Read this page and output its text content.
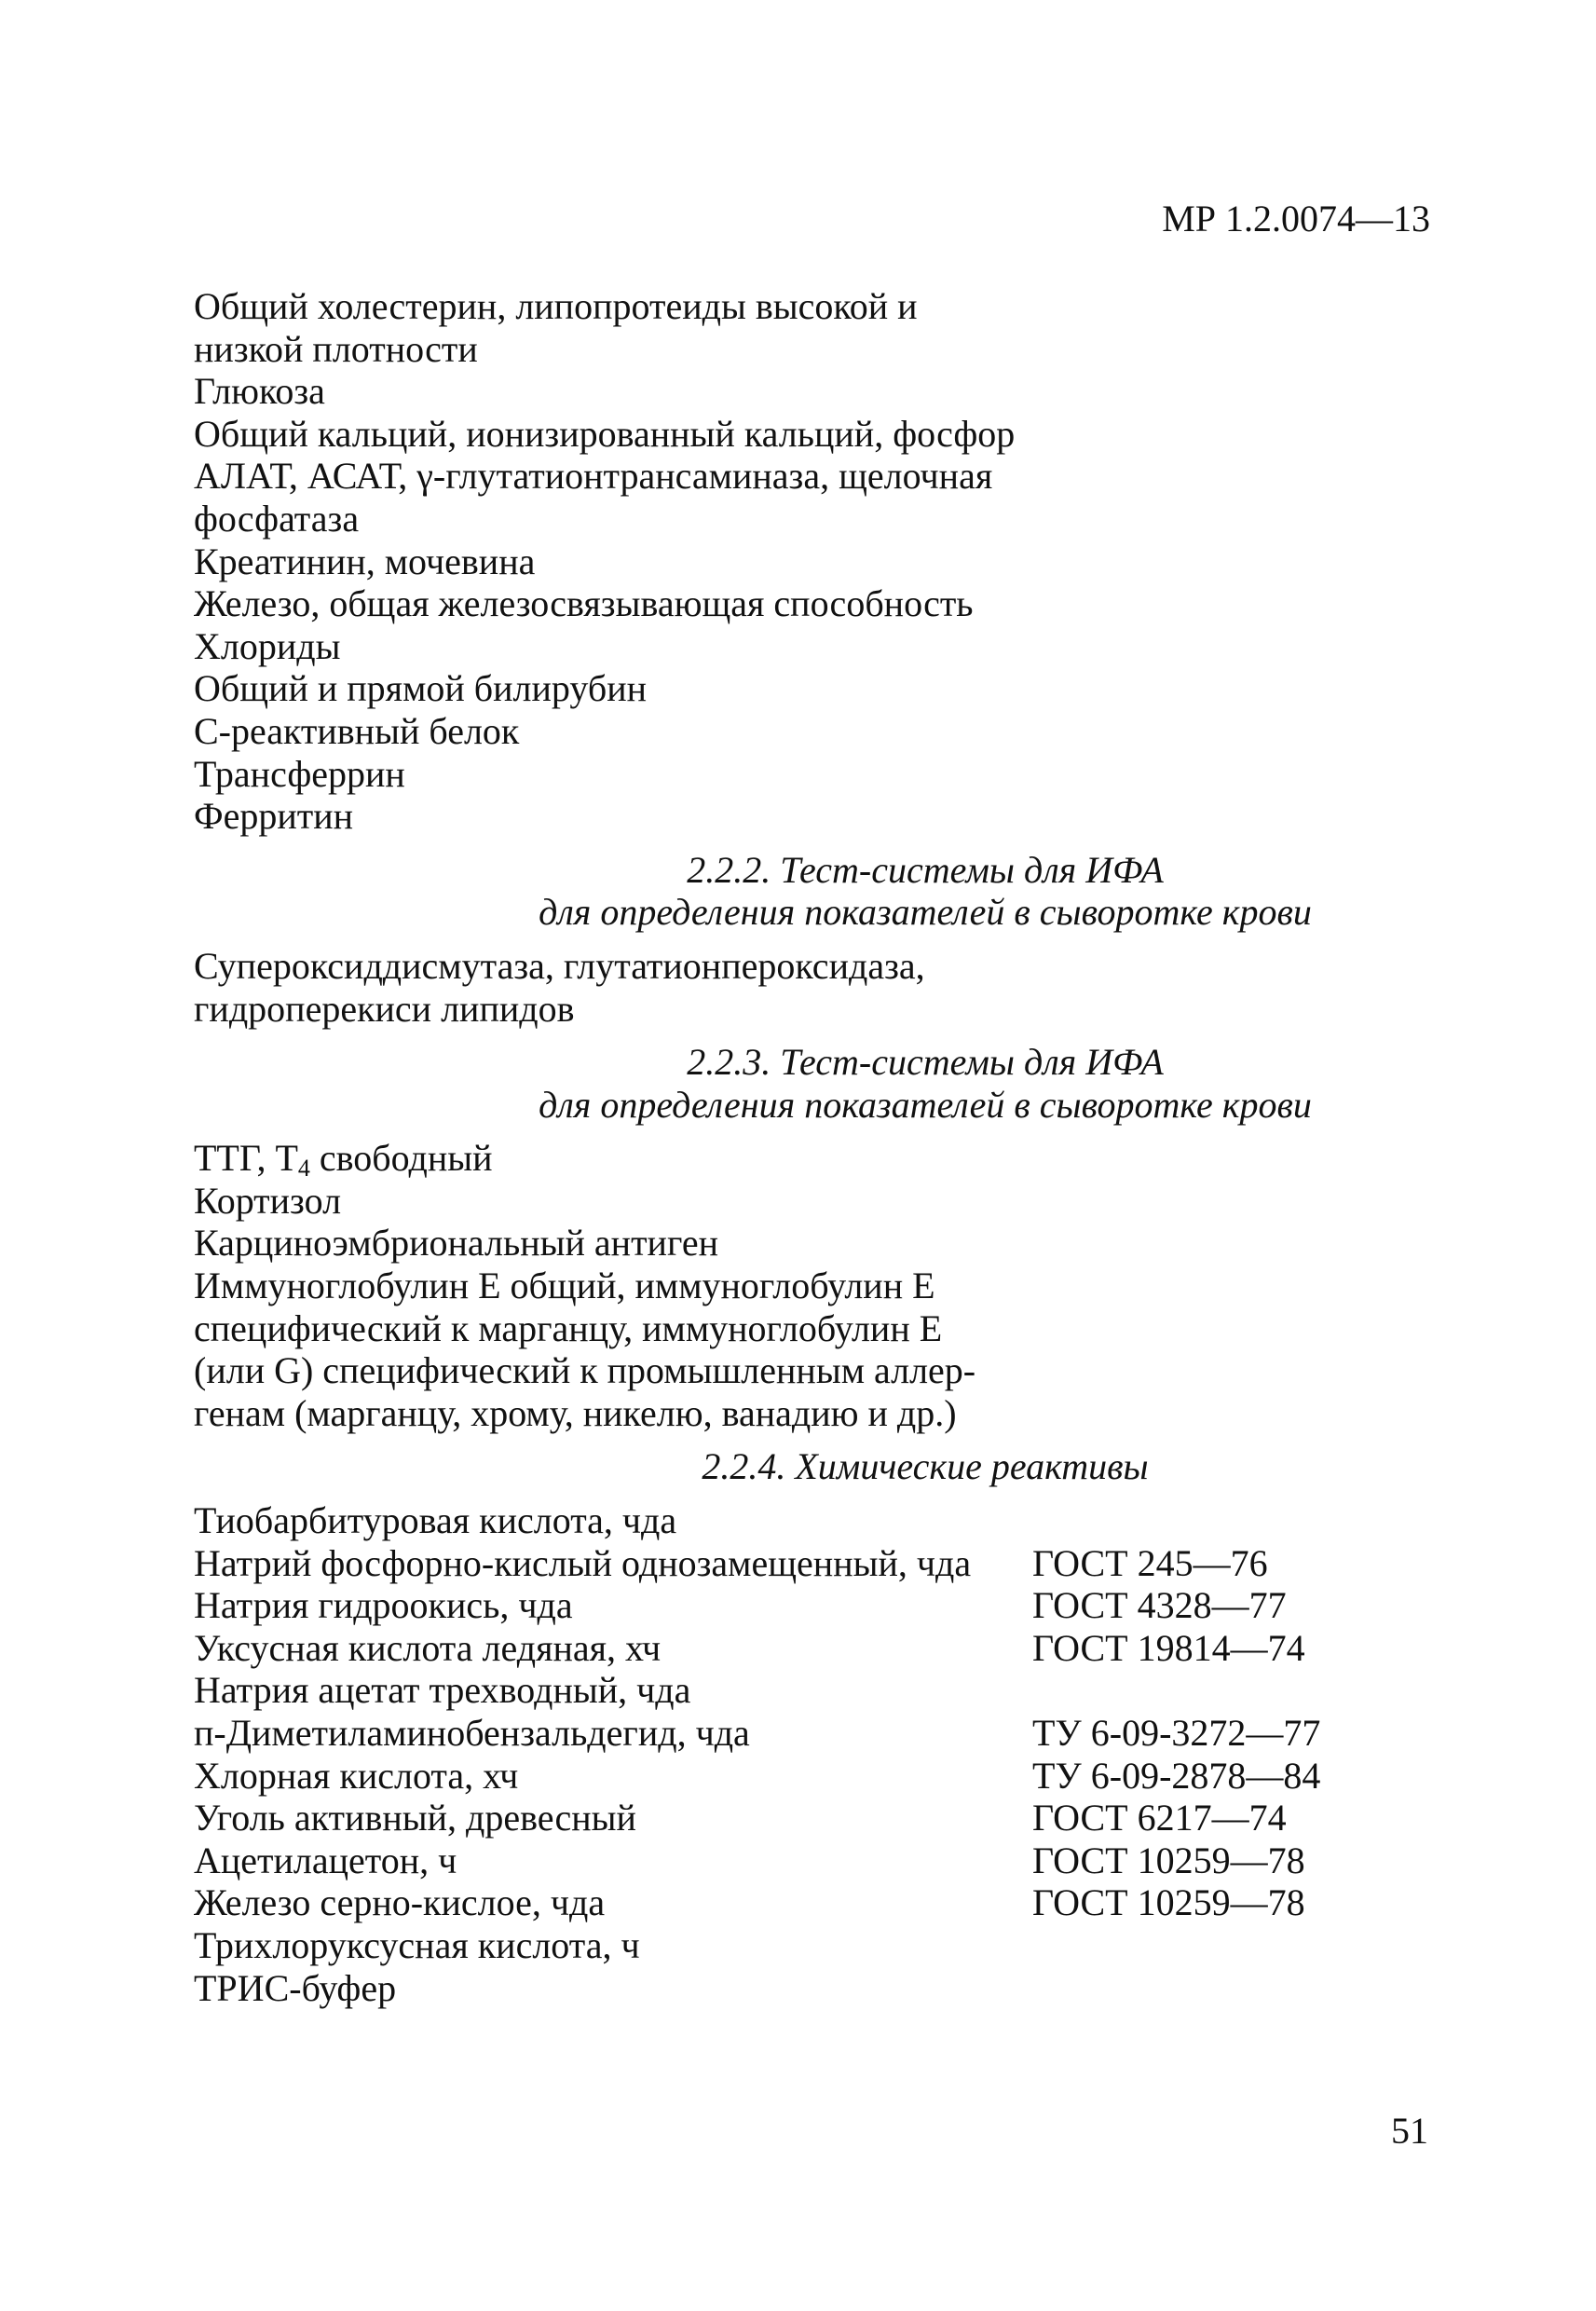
МР 1.2.0074—13
Общий холестерин, липопротеиды высокой и
низкой плотности
Глюкоза
Общий кальций, ионизированный кальций, фосфор
АЛАТ, АСАТ, γ-глутатионтрансаминаза, щелочная
фосфатаза
Креатинин, мочевина
Железо, общая железосвязывающая способность
Хлориды
Общий и прямой билирубин
С-реактивный белок
Трансферрин
Ферритин
2.2.2. Тест-системы для ИФА
для определения показателей в сыворотке крови
Супероксиддисмутаза, глутатионпероксидаза,
гидроперекиси липидов
2.2.3. Тест-системы для ИФА
для определения показателей в сыворотке крови
ТТГ, $Т_4$ свободный
Кортизол
Карциноэмбриональный антиген
Иммуноглобулин Е общий, иммуноглобулин Е
специфический к марганцу, иммуноглобулин Е
(или G) специфический к промышленным аллер-
генам (марганцу, хрому, никелю, ванадию и др.)
2.2.4. Химические реактивы
Тиобарбитуровая кислота, чда
Натрий фосфорно-кислый однозамещенный, чда	ГОСТ 245—76
Натрия гидроокись, чда	ГОСТ 4328—77
Уксусная кислота ледяная, хч	ГОСТ 19814—74
Натрия ацетат трехводный, чда
п-Диметиламинобензальдегид, чда	ТУ 6-09-3272—77
Хлорная кислота, хч	ТУ 6-09-2878—84
Уголь активный, древесный	ГОСТ 6217—74
Ацетилацетон, ч	ГОСТ 10259—78
Железо серно-кислое, чда	ГОСТ 10259—78
Трихлоруксусная кислота, ч
ТРИС-буфер
51
